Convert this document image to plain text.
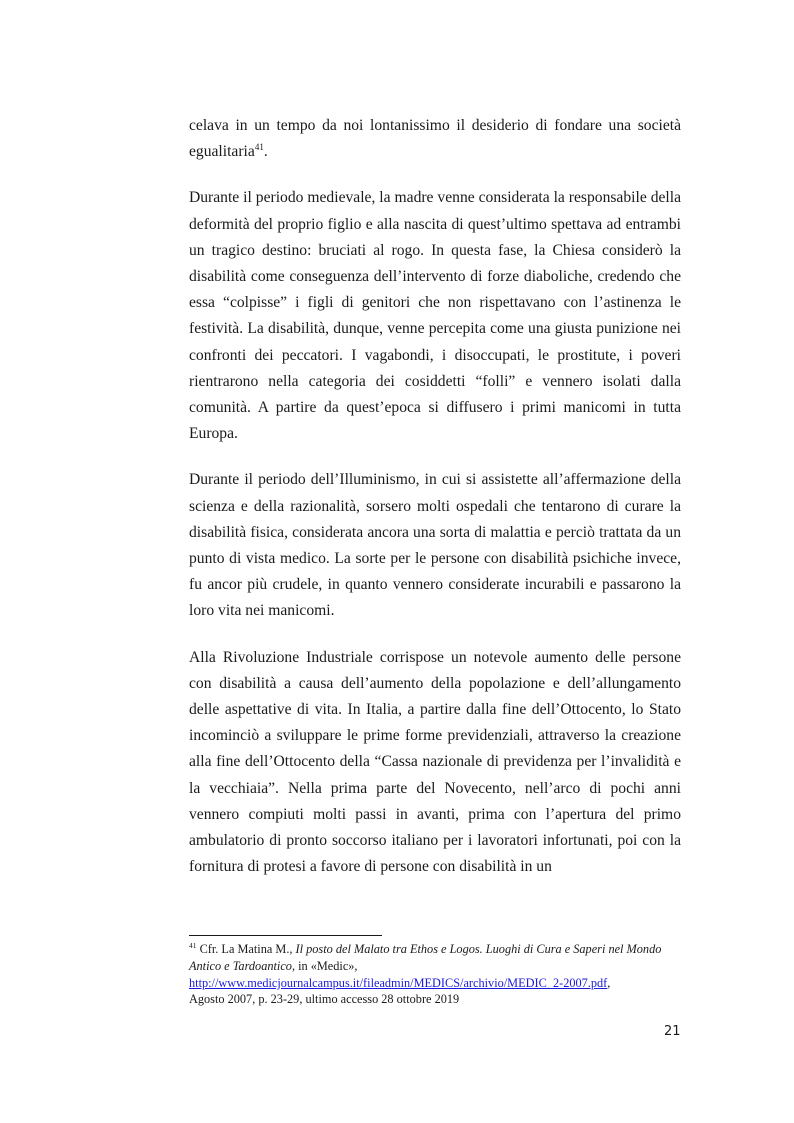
celava in un tempo da noi lontanissimo il desiderio di fondare una società egualitaria$^{41}$.

Durante il periodo medievale, la madre venne considerata la responsabile della deformità del proprio figlio e alla nascita di quest’ultimo spettava ad entrambi un tragico destino: bruciati al rogo. In questa fase, la Chiesa considerò la disabilità come conseguenza dell’intervento di forze diaboliche, credendo che essa “colpisse” i figli di genitori che non rispettavano con l’astinenza le festività. La disabilità, dunque, venne percepita come una giusta punizione nei confronti dei peccatori. I vagabondi, i disoccupati, le prostitute, i poveri rientrarono nella categoria dei cosiddetti “folli” e vennero isolati dalla comunità. A partire da quest’epoca si diffusero i primi manicomi in tutta Europa.

Durante il periodo dell’Illuminismo, in cui si assistette all’affermazione della scienza e della razionalità, sorsero molti ospedali che tentarono di curare la disabilità fisica, considerata ancora una sorta di malattia e perciò trattata da un punto di vista medico. La sorte per le persone con disabilità psichiche invece, fu ancor più crudele, in quanto vennero considerate incurabili e passarono la loro vita nei manicomi.

Alla Rivoluzione Industriale corrispose un notevole aumento delle persone con disabilità a causa dell’aumento della popolazione e dell’allungamento delle aspettative di vita. In Italia, a partire dalla fine dell’Ottocento, lo Stato incominciò a sviluppare le prime forme previdenziali, attraverso la creazione alla fine dell’Ottocento della “Cassa nazionale di previdenza per l’invalidità e la vecchiaia”. Nella prima parte del Novecento, nell’arco di pochi anni vennero compiuti molti passi in avanti, prima con l’apertura del primo ambulatorio di pronto soccorso italiano per i lavoratori infortunati, poi con la fornitura di protesi a favore di persone con disabilità in un

$^{41}$ Cfr. La Matina M., Il posto del Malato tra Ethos e Logos. Luoghi di Cura e Saperi nel Mondo Antico e Tardoantico, in «Medic»,
http://www.medicjournalcampus.it/fileadmin/MEDICS/archivio/MEDIC_2-2007.pdf,
Agosto 2007, p. 23-29, ultimo accesso 28 ottobre 2019

21
